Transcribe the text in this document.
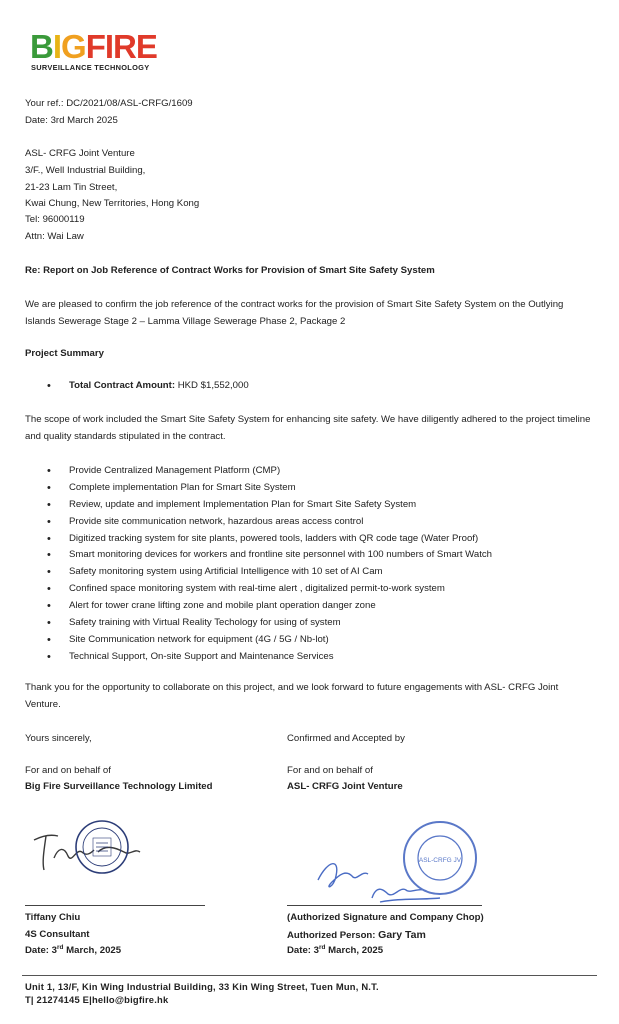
BIGFIRE
SURVEILLANCE TECHNOLOGY
Your ref.: DC/2021/08/ASL-CRFG/1609
Date: 3rd March 2025
ASL- CRFG Joint Venture
3/F., Well Industrial Building,
21-23 Lam Tin Street,
Kwai Chung, New Territories, Hong Kong
Tel: 96000119
Attn: Wai Law
Re: Report on Job Reference of Contract Works for Provision of Smart Site Safety System
We are pleased to confirm the job reference of the contract works for the provision of Smart Site Safety System on the Outlying Islands Sewerage Stage 2 – Lamma Village Sewerage Phase 2, Package 2
Project Summary
• Total Contract Amount: HKD $1,552,000
The scope of work included the Smart Site Safety System for enhancing site safety. We have diligently adhered to the project timeline and quality standards stipulated in the contract.
• Provide Centralized Management Platform (CMP)
• Complete implementation Plan for Smart Site System
• Review, update and implement Implementation Plan for Smart Site Safety System
• Provide site communication network, hazardous areas access control
• Digitized tracking system for site plants, powered tools, ladders with QR code tage (Water Proof)
• Smart monitoring devices for workers and frontline site personnel with 100 numbers of Smart Watch
• Safety monitoring system using Artificial Intelligence with 10 set of AI Cam
• Confined space monitoring system with real-time alert , digitalized permit-to-work system
• Alert for tower crane lifting zone and mobile plant operation danger zone
• Safety training with Virtual Reality Techology for using of system
• Site Communication network for equipment (4G / 5G / Nb-lot)
• Technical Support, On-site Support and Maintenance Services
Thank you for the opportunity to collaborate on this project, and we look forward to future engagements with ASL- CRFG Joint Venture.
Yours sincerely,
For and on behalf of
Big Fire Surveillance Technology Limited
Tiffany Chiu
4S Consultant
Date: 3rd March, 2025
Confirmed and Accepted by
For and on behalf of
ASL- CRFG Joint Venture
ASL-CRFG JV
(Authorized Signature and Company Chop)
Authorized Person: Gary Tam
Date: 3rd March, 2025
Unit 1, 13/F, Kin Wing Industrial Building, 33 Kin Wing Street, Tuen Mun, N.T.
T| 21274145 E|hello@bigfire.hk
